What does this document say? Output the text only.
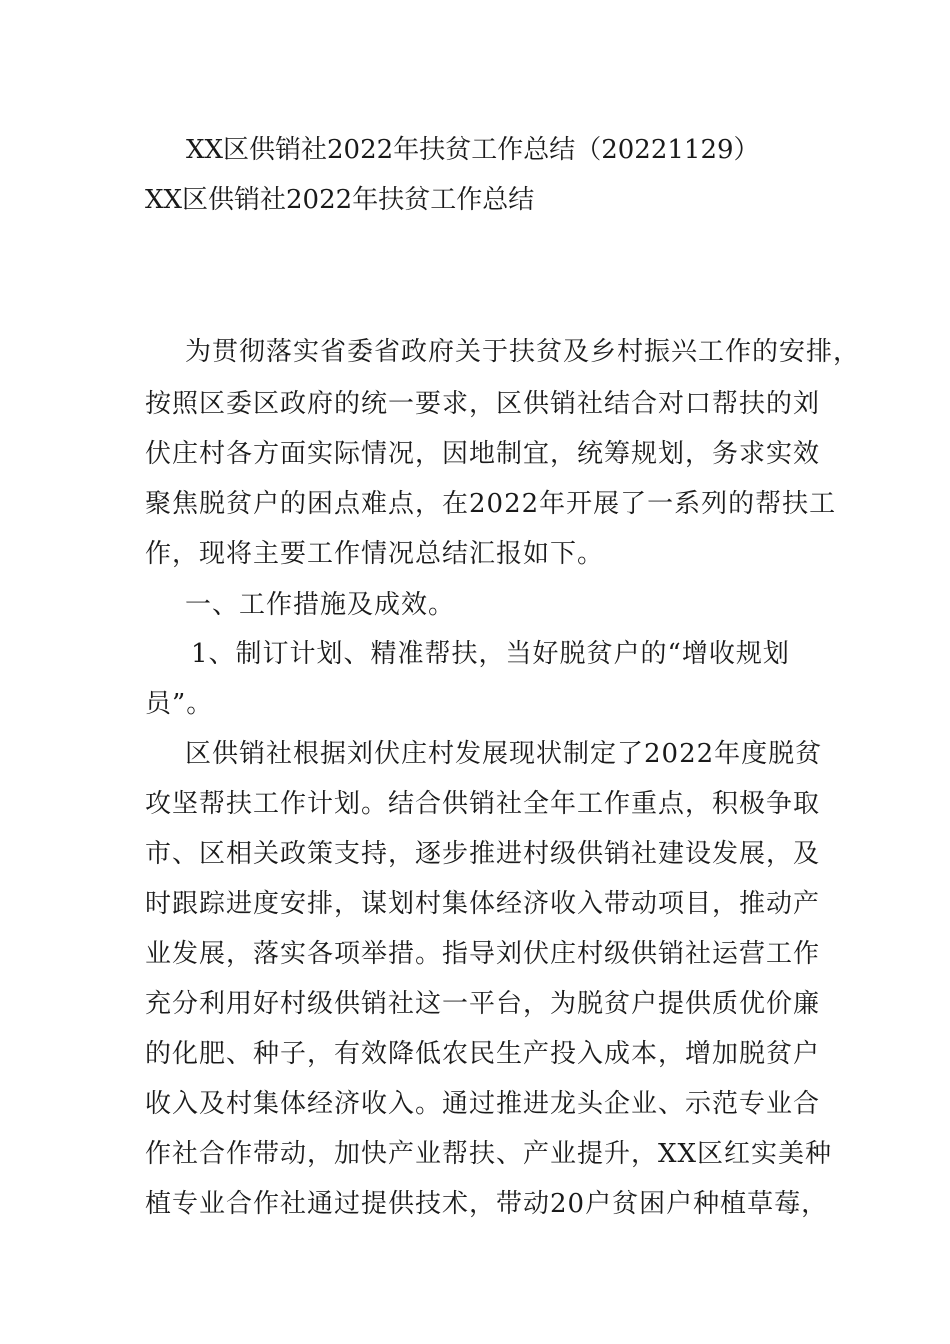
XX区供销社2022年扶贫工作总结（20221129）
XX区供销社2022年扶贫工作总结
为贯彻落实省委省政府关于扶贫及乡村振兴工作的安排，
按照区委区政府的统一要求，区供销社结合对口帮扶的刘
伏庄村各方面实际情况，因地制宜，统筹规划，务求实效
聚焦脱贫户的困点难点，在2022年开展了一系列的帮扶工
作，现将主要工作情况总结汇报如下。
一、工作措施及成效。
1、制订计划、精准帮扶，当好脱贫户的“增收规划
员”。
区供销社根据刘伏庄村发展现状制定了2022年度脱贫
攻坚帮扶工作计划。结合供销社全年工作重点，积极争取
市、区相关政策支持，逐步推进村级供销社建设发展，及
时跟踪进度安排，谋划村集体经济收入带动项目，推动产
业发展，落实各项举措。指导刘伏庄村级供销社运营工作
充分利用好村级供销社这一平台，为脱贫户提供质优价廉
的化肥、种子，有效降低农民生产投入成本，增加脱贫户
收入及村集体经济收入。通过推进龙头企业、示范专业合
作社合作带动，加快产业帮扶、产业提升，XX区红实美种
植专业合作社通过提供技术，带动20户贫困户种植草莓，
